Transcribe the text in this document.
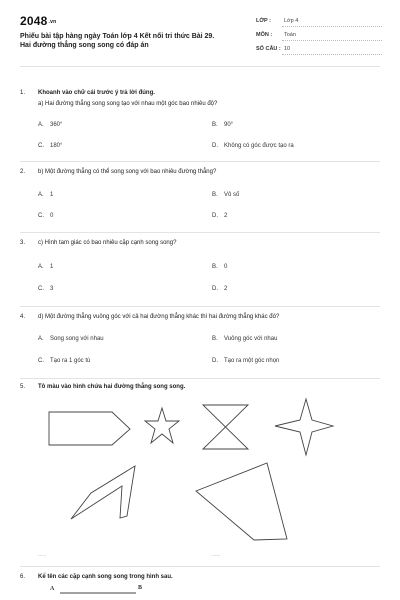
2048.vn
Phiếu bài tập hàng ngày Toán lớp 4 Kết nối tri thức Bài 29.
Hai đường thẳng song song có đáp án
LỚP : Lớp 4
MÔN : Toán
SỐ CÂU : 10
1. Khoanh vào chữ cái trước ý trả lời đúng.
a) Hai đường thẳng song song tạo với nhau một góc bao nhiêu độ?
A. 360°	B. 90°
C. 180°	D. Không có góc được tạo ra
2. b) Một đường thẳng có thể song song với bao nhiêu đường thẳng?
A. 1	B. Vô số
C. 0	D. 2
3. c) Hình tam giác có bao nhiêu cặp cạnh song song?
A. 1	B. 0
C. 3	D. 2
4. d) Một đường thẳng vuông góc với cả hai đường thẳng khác thì hai đường thẳng khác đó?
A. Song song với nhau	B. Vuông góc với nhau
C. Tạo ra 1 góc tù	D. Tạo ra một góc nhọn
5. Tô màu vào hình chứa hai đường thẳng song song.
......	......
6. Kể tên các cặp cạnh song song trong hình sau.
A	B
